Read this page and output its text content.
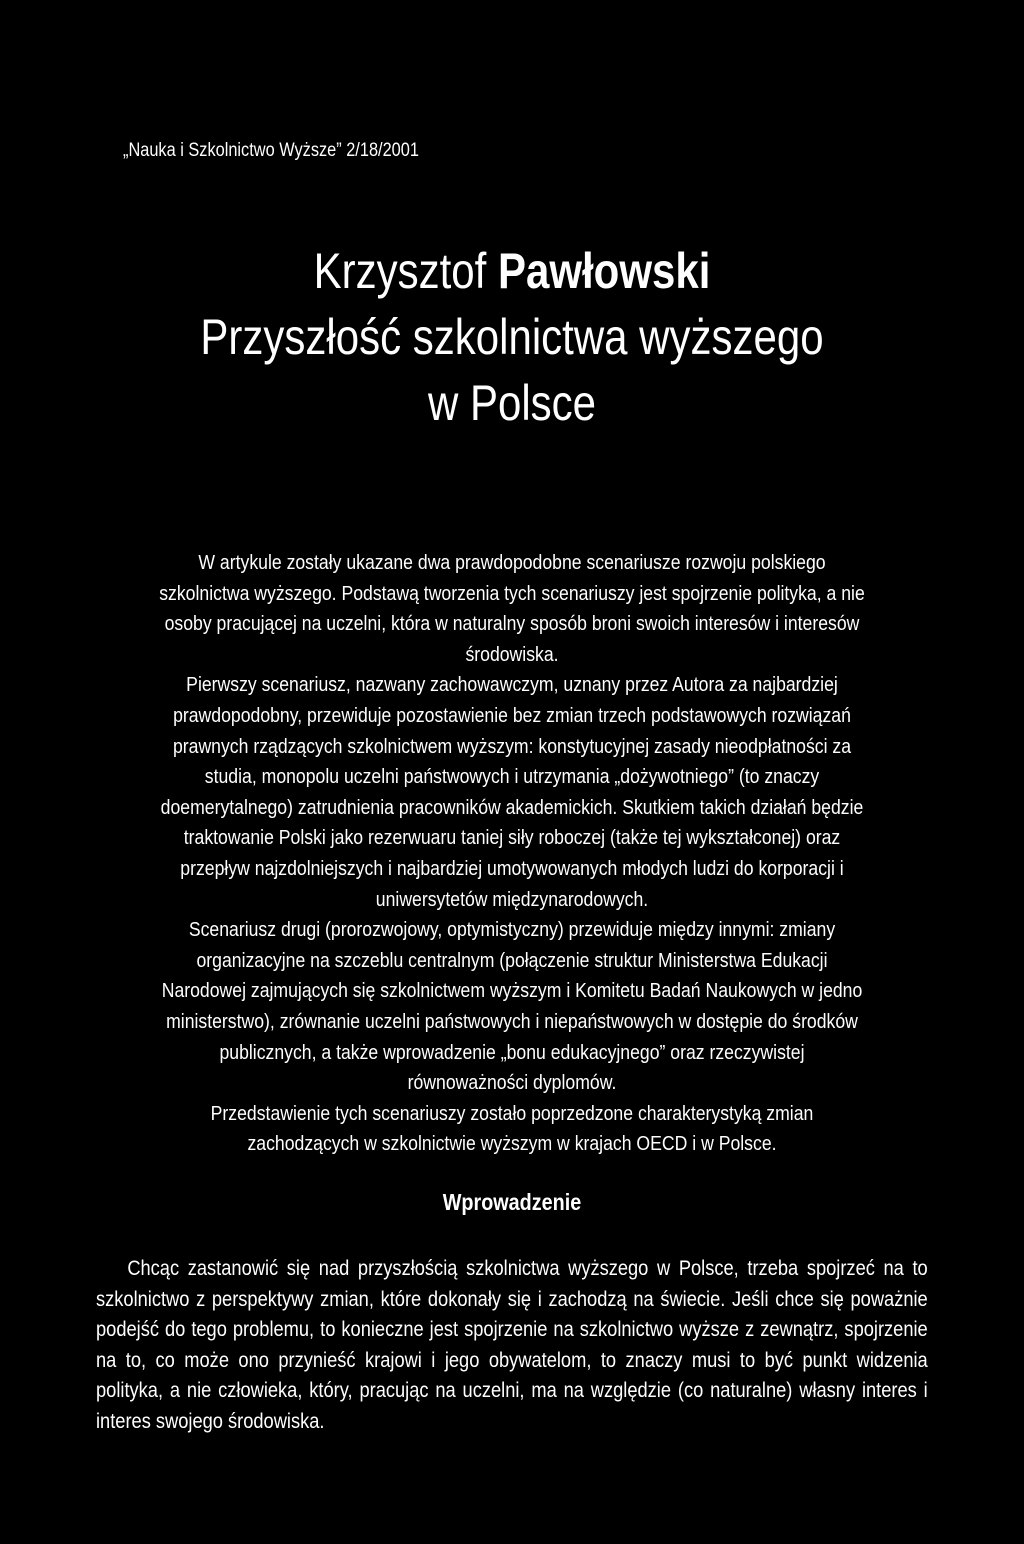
„Nauka i Szkolnictwo Wyższe” 2/18/2001
Krzysztof Pawłowski
Przyszłość szkolnictwa wyższego
w Polsce

W artykule zostały ukazane dwa prawdopodobne scenariusze rozwoju polskiego szkolnictwa wyższego. Podstawą tworzenia tych scenariuszy jest spojrzenie polityka, a nie osoby pracującej na uczelni, która w naturalny sposób broni swoich interesów i interesów środowiska.

Pierwszy scenariusz, nazwany zachowawczym, uznany przez Autora za najbardziej prawdopodobny, przewiduje pozostawienie bez zmian trzech podstawowych rozwiązań prawnych rządzących szkolnictwem wyższym: konstytucyjnej zasady nieodpłatności za studia, monopolu uczelni państwowych i utrzymania „dożywotniego” (to znaczy doemerytalnego) zatrudnienia pracowników akademickich. Skutkiem takich działań będzie traktowanie Polski jako rezerwuaru taniej siły roboczej (także tej wykształconej) oraz przepływ najzdolniejszych i najbardziej umotywowanych młodych ludzi do korporacji i uniwersytetów międzynarodowych.

Scenariusz drugi (prorozwojowy, optymistyczny) przewiduje między innymi: zmiany organizacyjne na szczeblu centralnym (połączenie struktur Ministerstwa Edukacji Narodowej zajmujących się szkolnictwem wyższym i Komitetu Badań Naukowych w jedno ministerstwo), zrównanie uczelni państwowych i niepaństwowych w dostępie do środków publicznych, a także wprowadzenie „bonu edukacyjnego” oraz rzeczywistej równoważności dyplomów.

Przedstawienie tych scenariuszy zostało poprzedzone charakterystyką zmian zachodzących w szkolnictwie wyższym w krajach OECD i w Polsce.

Wprowadzenie

Chcąc zastanowić się nad przyszłością szkolnictwa wyższego w Polsce, trzeba spojrzeć na to szkolnictwo z perspektywy zmian, które dokonały się i zachodzą na świecie. Jeśli chce się poważnie podejść do tego problemu, to konieczne jest spojrzenie na szkolnictwo wyższe z zewnątrz, spojrzenie na to, co może ono przynieść krajowi i jego obywatelom, to znaczy musi to być punkt widzenia polityka, a nie człowieka, który, pracując na uczelni, ma na względzie (co naturalne) własny interes i interes swojego środowiska.
